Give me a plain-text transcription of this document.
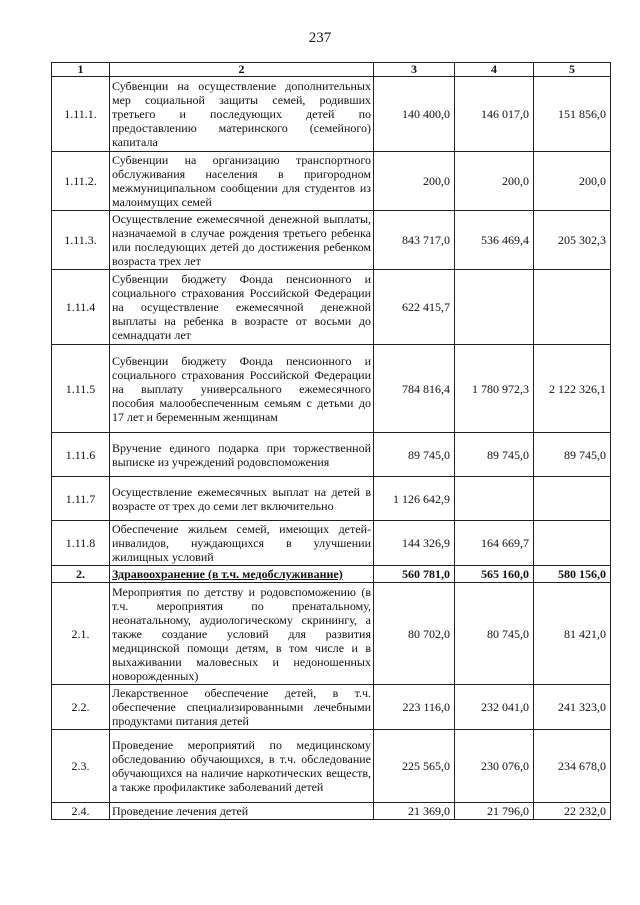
237
1	2	3	4	5
1.11.1.	Субвенции на осуществление дополнительных мер социальной защиты семей, родивших третьего и последующих детей по предоставлению материнского (семейного) капитала	140 400,0	146 017,0	151 856,0
1.11.2.	Субвенции на организацию транспортного обслуживания населения в пригородном межмуниципальном сообщении для студентов из малоимущих семей	200,0	200,0	200,0
1.11.3.	Осуществление ежемесячной денежной выплаты, назначаемой в случае рождения третьего ребенка или последующих детей до достижения ребенком возраста трех лет	843 717,0	536 469,4	205 302,3
1.11.4	Субвенции бюджету Фонда пенсионного и социального страхования Российской Федерации на осуществление ежемесячной денежной выплаты на ребенка в возрасте от восьми до семнадцати лет	622 415,7		
1.11.5	Субвенции бюджету Фонда пенсионного и социального страхования Российской Федерации на выплату универсального ежемесячного пособия малообеспеченным семьям с детьми до 17 лет и беременным женщинам	784 816,4	1 780 972,3	2 122 326,1
1.11.6	Вручение единого подарка при торжественной выписке из учреждений родовспоможения	89 745,0	89 745,0	89 745,0
1.11.7	Осуществление ежемесячных выплат на детей в возрасте от трех до семи лет включительно	1 126 642,9		
1.11.8	Обеспечение жильем семей, имеющих детей-инвалидов, нуждающихся в улучшении жилищных условий	144 326,9	164 669,7	
2.	Здравоохранение (в т.ч. медобслуживание)	560 781,0	565 160,0	580 156,0
2.1.	Мероприятия по детству и родовспоможению (в т.ч. мероприятия по пренатальному, неонатальному, аудиологическому скринингу, а также создание условий для развития медицинской помощи детям, в том числе и в выхаживании маловесных и недоношенных новорожденных)	80 702,0	80 745,0	81 421,0
2.2.	Лекарственное обеспечение детей, в т.ч. обеспечение специализированными лечебными продуктами питания детей	223 116,0	232 041,0	241 323,0
2.3.	Проведение мероприятий по медицинскому обследованию обучающихся, в т.ч. обследование обучающихся на наличие наркотических веществ, а также профилактике заболеваний детей	225 565,0	230 076,0	234 678,0
2.4.	Проведение лечения детей	21 369,0	21 796,0	22 232,0
